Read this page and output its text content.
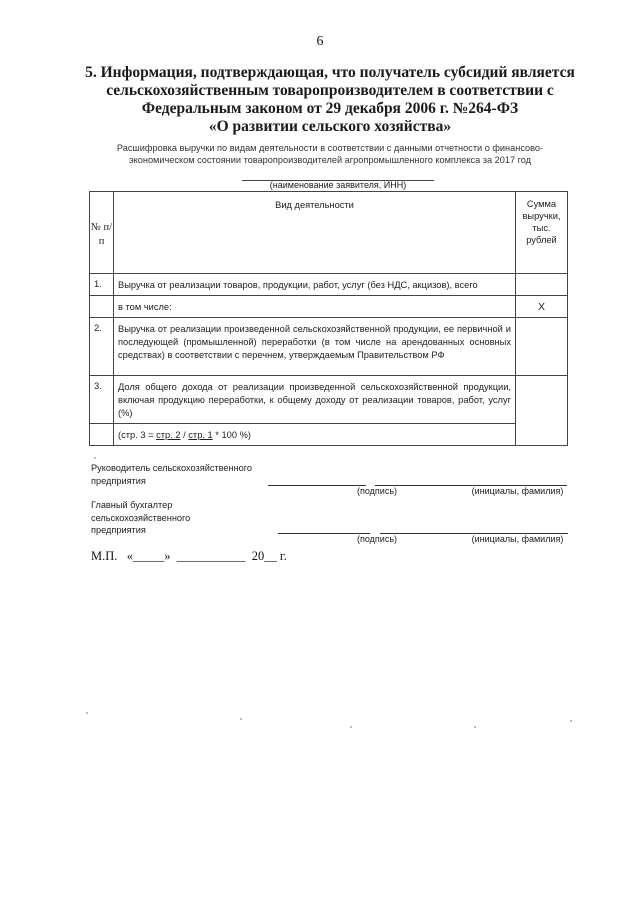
6
5. Информация, подтверждающая, что получатель субсидий является
сельскохозяйственным товаропроизводителем в соответствии с
Федеральным законом от 29 декабря 2006 г. №264-ФЗ
«О развитии сельского хозяйства»
Расшифровка выручки по видам деятельности в соответствии с данными отчетности о финансово-
экономическом состоянии товаропроизводителей агропромышленного комплекса за 2017 год
(наименование заявителя, ИНН)
№ п/п	Вид деятельности	Сумма выручки, тыс. рублей
1.	Выручка от реализации товаров, продукции, работ, услуг (без НДС, акцизов), всего	
	в том числе:	X
2.	Выручка от реализации произведенной сельскохозяйственной продукции, ее первичной и последующей (промышленной) переработки (в том числе на арендованных основных средствах) в соответствии с перечнем, утверждаемым Правительством РФ	
3.	Доля общего дохода от реализации произведенной сельскохозяйственной продукции, включая продукцию переработки, к общему доходу от реализации товаров, работ, услуг (%)	
	(стр. 3 = стр. 2 / стр. 1 * 100 %)	
Руководитель сельскохозяйственного
предприятия
(подпись)	(инициалы, фамилия)
Главный бухгалтер
сельскохозяйственного
предприятия
(подпись)	(инициалы, фамилия)
М.П.   «_____»  ___________  20__ г.
